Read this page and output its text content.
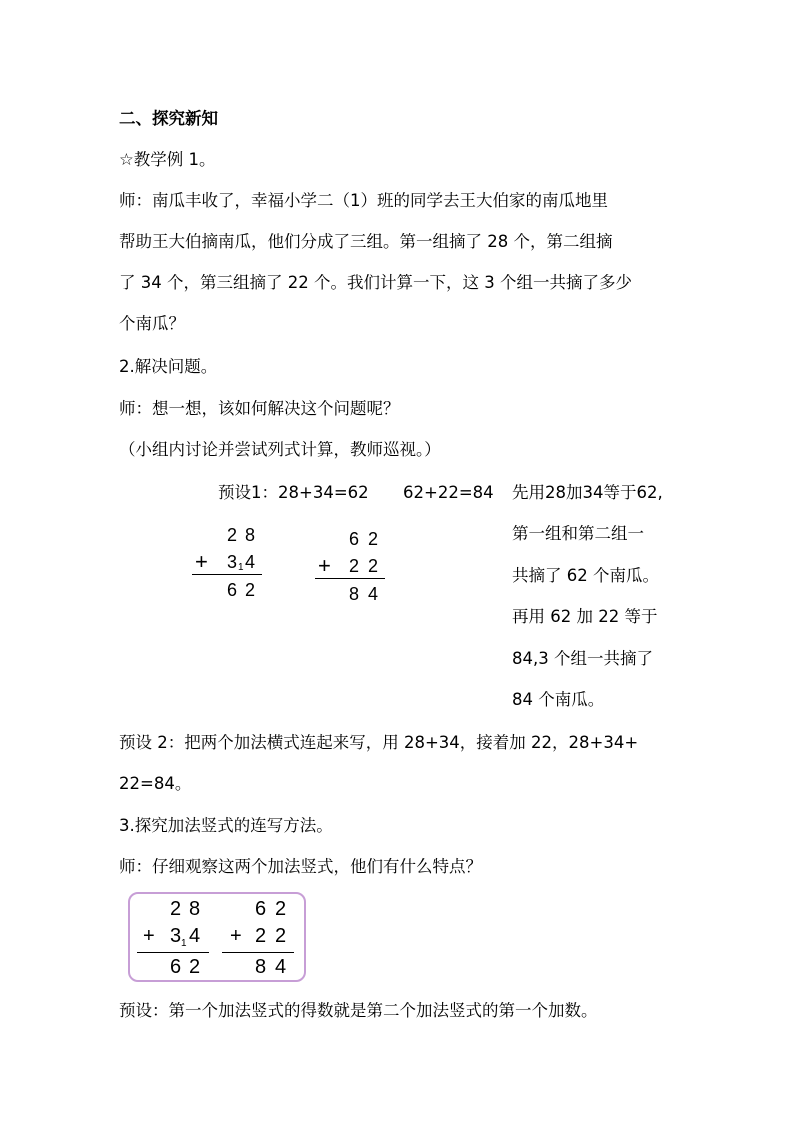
二、探究新知
☆教学例 1。
师：南瓜丰收了，幸福小学二（1）班的同学去王大伯家的南瓜地里
帮助王大伯摘南瓜，他们分成了三组。第一组摘了 28 个，第二组摘
了 34 个，第三组摘了 22 个。我们计算一下，这 3 个组一共摘了多少
个南瓜？
2.解决问题。
师：想一想，该如何解决这个问题呢？
（小组内讨论并尝试列式计算，教师巡视。）
预设1：28+34=62 62+22=84 先用28加34等于62,
第一组和第二组一
共摘了 62 个南瓜。
再用 62 加 22 等于
84,3 个组一共摘了
84 个南瓜。
2 8
+ 3 1 4
6 2
6 2
+ 2 2
8 4
预设 2：把两个加法横式连起来写，用 28+34，接着加 22，28+34+
22=84。
3.探究加法竖式的连写方法。
师：仔细观察这两个加法竖式，他们有什么特点？
2 8
+ 3 1 4
6 2
6 2
+ 2 2
8 4
预设：第一个加法竖式的得数就是第二个加法竖式的第一个加数。
